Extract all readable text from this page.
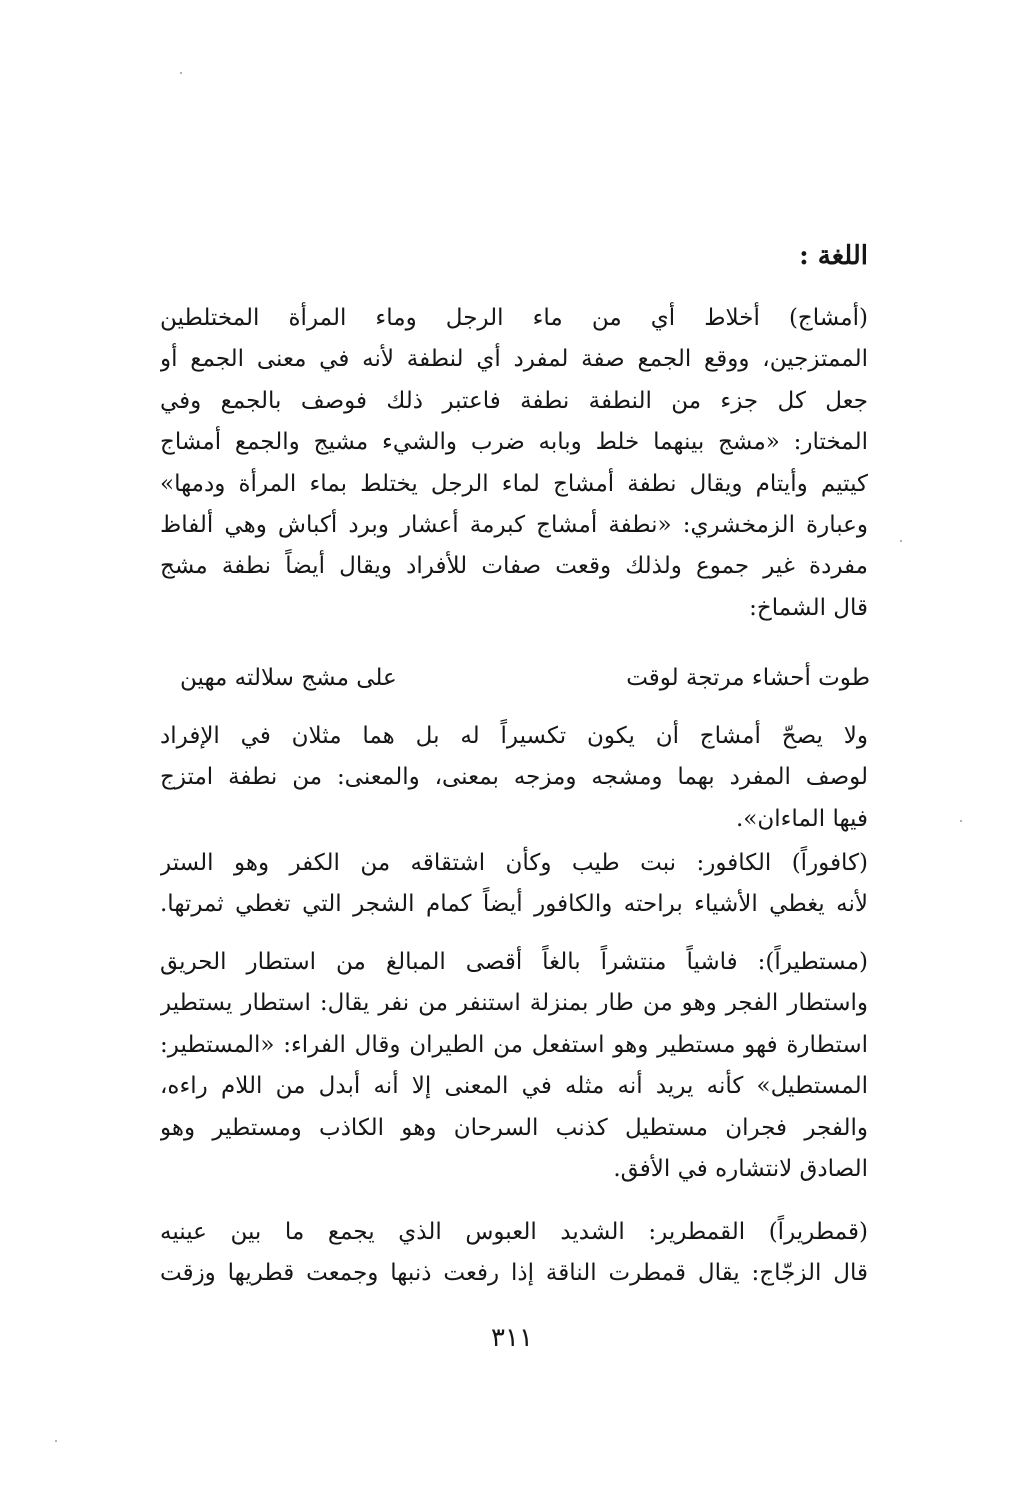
اللغة :
(أمشاج) أخلاط أي من ماء الرجل وماء المرأة المختلطين
الممتزجين، ووقع الجمع صفة لمفرد أي لنطفة لأنه في معنى الجمع أو
جعل كل جزء من النطفة نطفة فاعتبر ذلك فوصف بالجمع وفي
المختار: «مشج بينهما خلط وبابه ضرب والشيء مشيج والجمع أمشاج
كيتيم وأيتام ويقال نطفة أمشاج لماء الرجل يختلط بماء المرأة ودمها»
وعبارة الزمخشري: «نطفة أمشاج كبرمة أعشار وبرد أكباش وهي ألفاظ
مفردة غير جموع ولذلك وقعت صفات للأفراد ويقال أيضاً نطفة مشج
قال الشماخ:
طوت أحشاء مرتجة لوقت
على مشج سلالته مهين
ولا يصحّ أمشاج أن يكون تكسيراً له بل هما مثلان في الإفراد
لوصف المفرد بهما ومشجه ومزجه بمعنى، والمعنى: من نطفة امتزج
فيها الماءان».
(كافوراً) الكافور: نبت طيب وكأن اشتقاقه من الكفر وهو الستر
لأنه يغطي الأشياء براحته والكافور أيضاً كمام الشجر التي تغطي ثمرتها.
(مستطيراً): فاشياً منتشراً بالغاً أقصى المبالغ من استطار الحريق
واستطار الفجر وهو من طار بمنزلة استنفر من نفر يقال: استطار يستطير
استطارة فهو مستطير وهو استفعل من الطيران وقال الفراء: «المستطير:
المستطيل» كأنه يريد أنه مثله في المعنى إلا أنه أبدل من اللام راءه،
والفجر فجران مستطيل كذنب السرحان وهو الكاذب ومستطير وهو
الصادق لانتشاره في الأفق.
(قمطريراً) القمطرير: الشديد العبوس الذي يجمع ما بين عينيه
قال الزجّاج: يقال قمطرت الناقة إذا رفعت ذنبها وجمعت قطريها وزقت
٣١١
